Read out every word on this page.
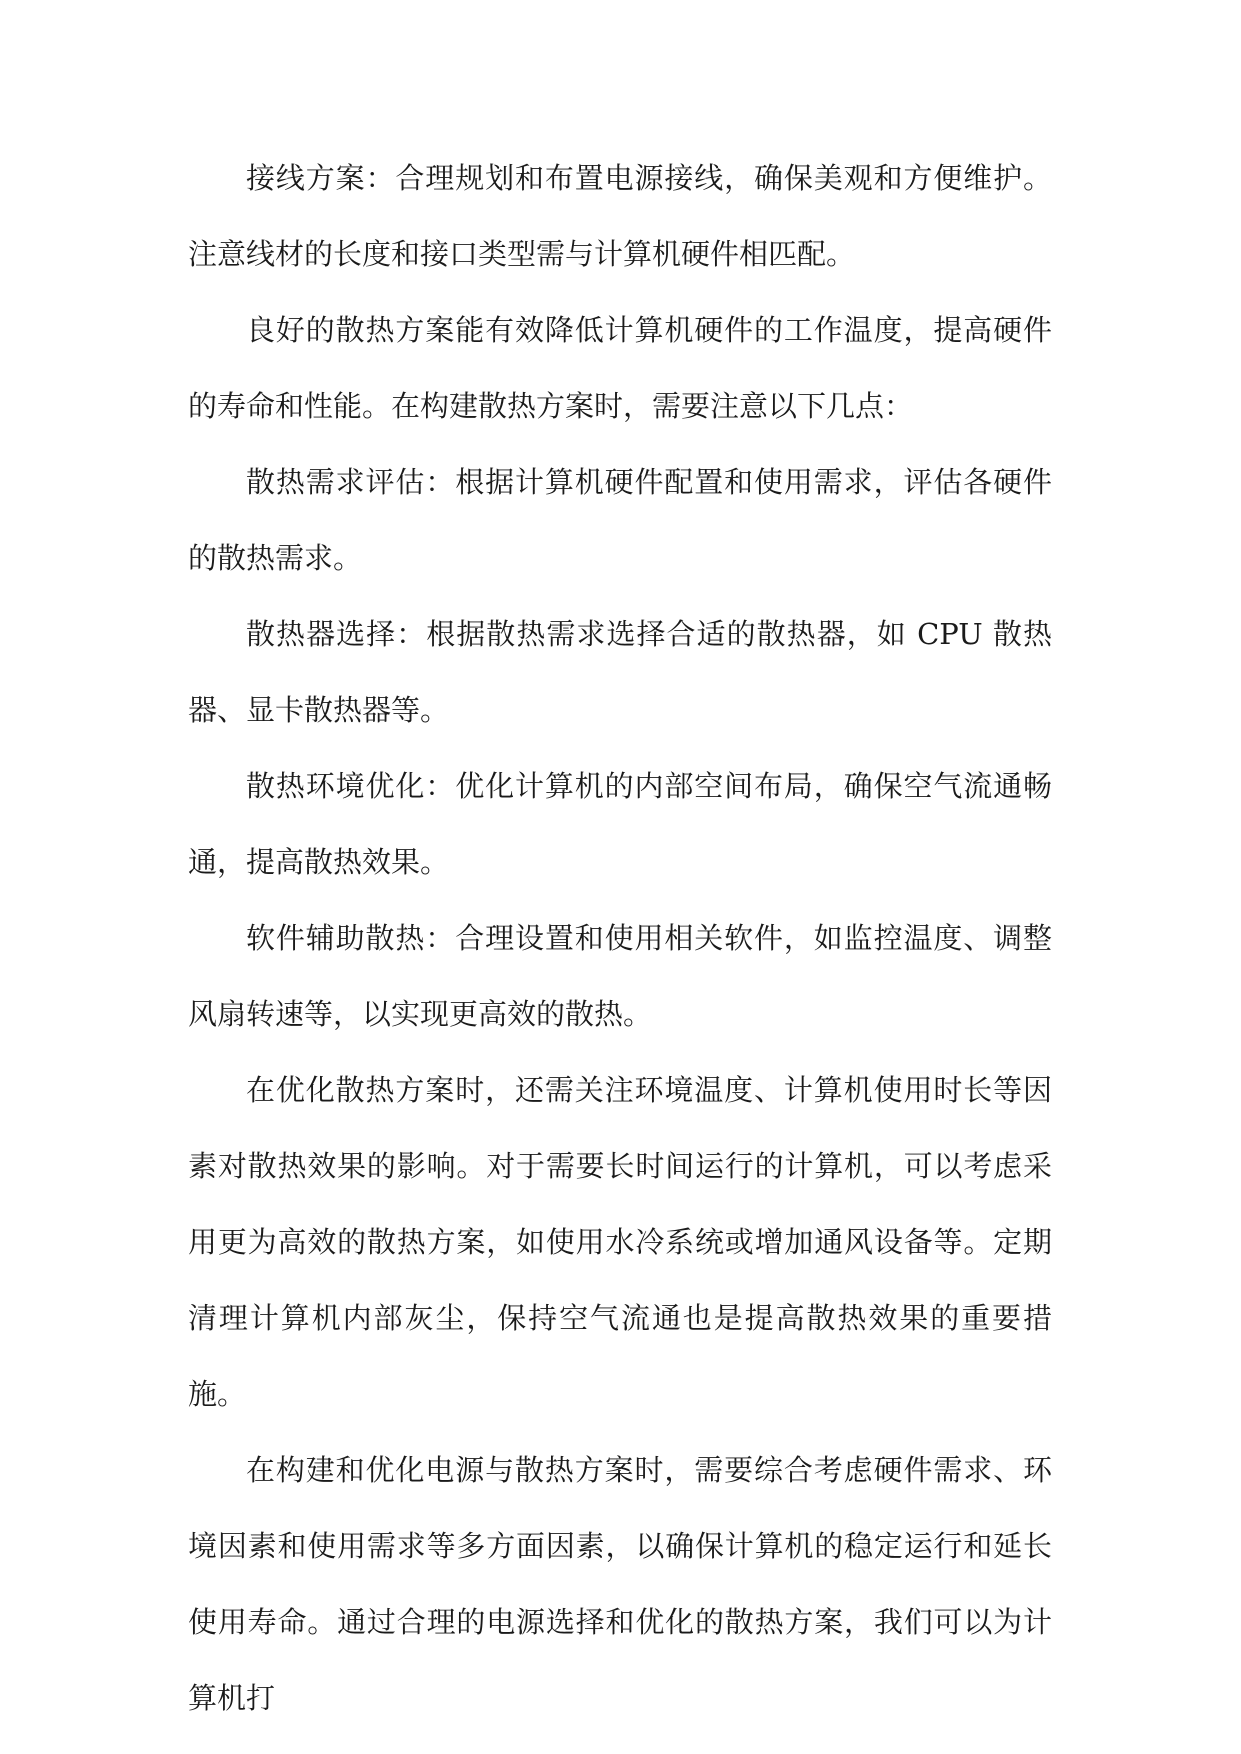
接线方案：合理规划和布置电源接线，确保美观和方便维护。注意线材的长度和接口类型需与计算机硬件相匹配。

良好的散热方案能有效降低计算机硬件的工作温度，提高硬件的寿命和性能。在构建散热方案时，需要注意以下几点：

散热需求评估：根据计算机硬件配置和使用需求，评估各硬件的散热需求。

散热器选择：根据散热需求选择合适的散热器，如 CPU 散热器、显卡散热器等。

散热环境优化：优化计算机的内部空间布局，确保空气流通畅通，提高散热效果。

软件辅助散热：合理设置和使用相关软件，如监控温度、调整风扇转速等，以实现更高效的散热。

在优化散热方案时，还需关注环境温度、计算机使用时长等因素对散热效果的影响。对于需要长时间运行的计算机，可以考虑采用更为高效的散热方案，如使用水冷系统或增加通风设备等。定期清理计算机内部灰尘，保持空气流通也是提高散热效果的重要措施。

在构建和优化电源与散热方案时，需要综合考虑硬件需求、环境因素和使用需求等多方面因素，以确保计算机的稳定运行和延长使用寿命。通过合理的电源选择和优化的散热方案，我们可以为计算机打
